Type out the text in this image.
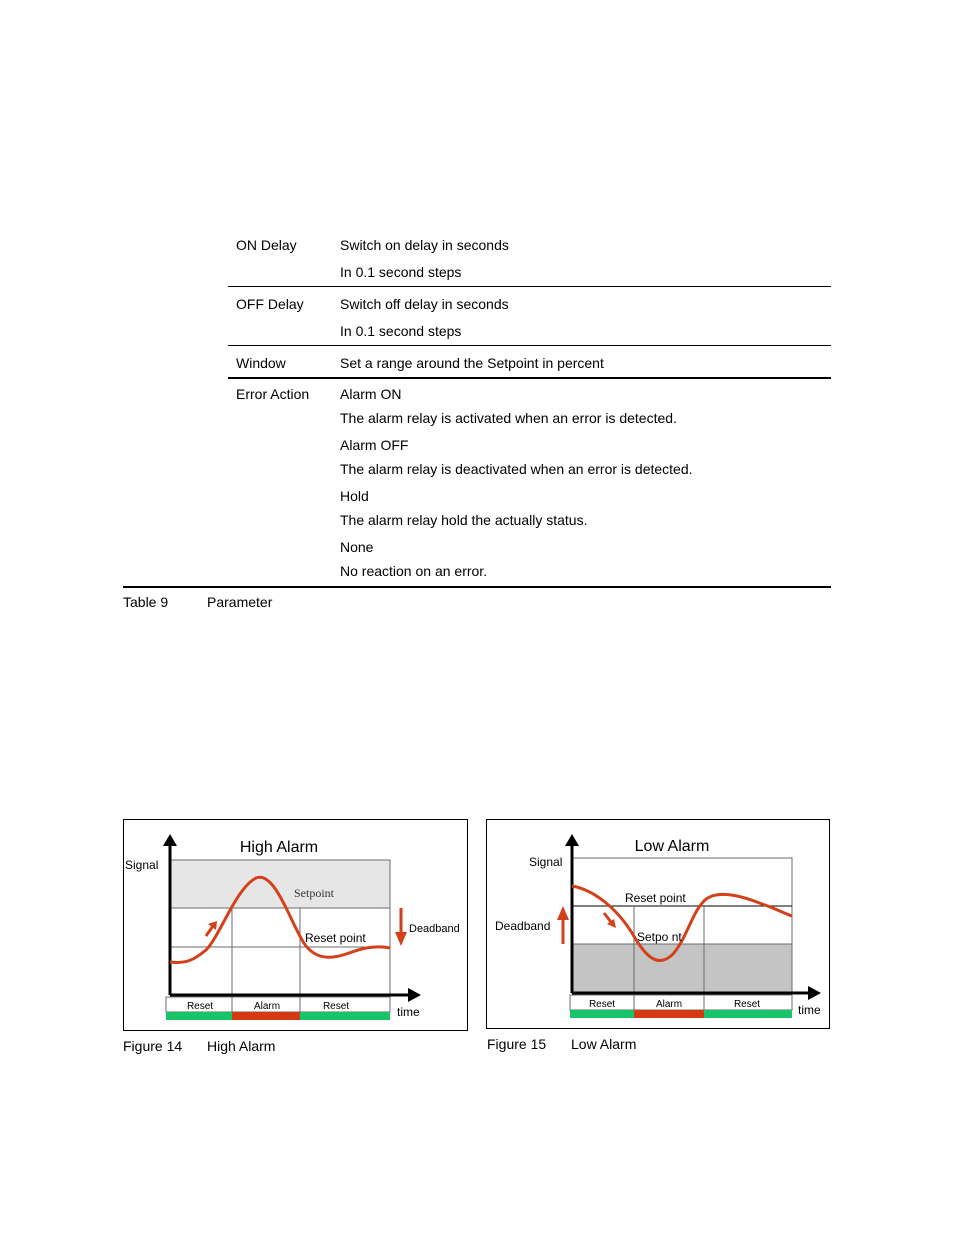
ON Delay	Switch on delay in seconds
In 0.1 second steps
OFF Delay	Switch off delay in seconds
In 0.1 second steps
Window	Set a range around the Setpoint in percent
Error Action	Alarm ON
The alarm relay is activated when an error is detected.
Alarm OFF
The alarm relay is deactivated when an error is detected.
Hold
The alarm relay hold the actually status.
None
No reaction on an error.
Table 9	Parameter
High Alarm
Signal
Setpoint
Reset point
Deadband
time
Reset	Alarm	Reset
Figure 14 High Alarm
Low Alarm
Signal
Reset point
Setpo nt
Deadband
time
Reset	Alarm	Reset
Figure 15 Low Alarm
